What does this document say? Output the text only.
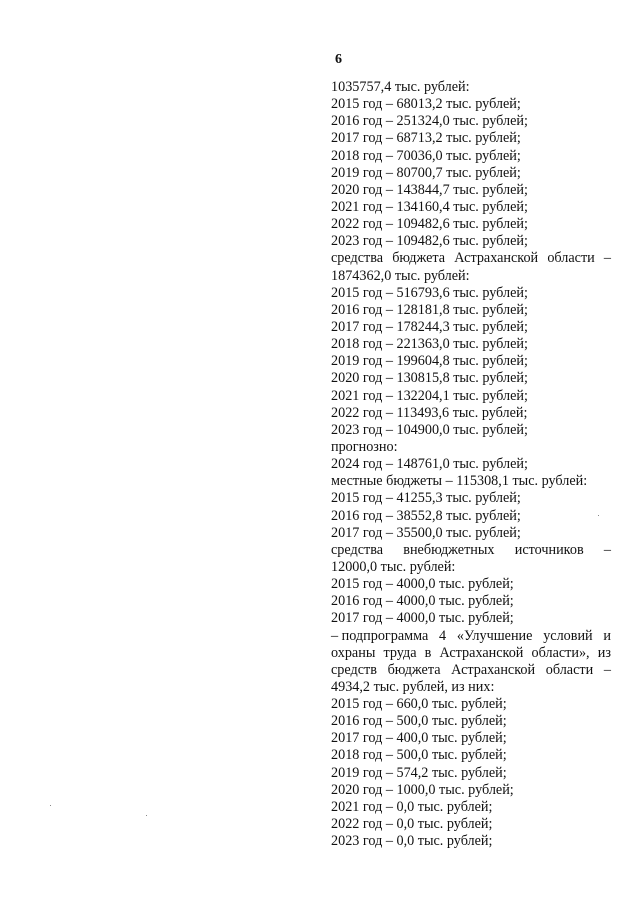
6
1035757,4 тыс. рублей:
2015 год – 68013,2 тыс. рублей;
2016 год – 251324,0 тыс. рублей;
2017 год – 68713,2 тыс. рублей;
2018 год – 70036,0 тыс. рублей;
2019 год – 80700,7 тыс. рублей;
2020 год – 143844,7 тыс. рублей;
2021 год – 134160,4 тыс. рублей;
2022 год – 109482,6 тыс. рублей;
2023 год – 109482,6 тыс. рублей;
средства бюджета Астраханской области –
1874362,0 тыс. рублей:
2015 год – 516793,6 тыс. рублей;
2016 год – 128181,8 тыс. рублей;
2017 год – 178244,3 тыс. рублей;
2018 год – 221363,0 тыс. рублей;
2019 год – 199604,8 тыс. рублей;
2020 год – 130815,8 тыс. рублей;
2021 год – 132204,1 тыс. рублей;
2022 год – 113493,6 тыс. рублей;
2023 год – 104900,0 тыс. рублей;
прогнозно:
2024 год – 148761,0 тыс. рублей;
местные бюджеты – 115308,1 тыс. рублей:
2015 год – 41255,3 тыс. рублей;
2016 год – 38552,8 тыс. рублей;
2017 год – 35500,0 тыс. рублей;
средства внебюджетных источников –
12000,0 тыс. рублей:
2015 год – 4000,0 тыс. рублей;
2016 год – 4000,0 тыс. рублей;
2017 год – 4000,0 тыс. рублей;
– подпрограмма 4 «Улучшение условий и
охраны труда в Астраханской области», из
средств бюджета Астраханской области –
4934,2 тыс. рублей, из них:
2015 год – 660,0 тыс. рублей;
2016 год – 500,0 тыс. рублей;
2017 год – 400,0 тыс. рублей;
2018 год – 500,0 тыс. рублей;
2019 год – 574,2 тыс. рублей;
2020 год – 1000,0 тыс. рублей;
2021 год – 0,0 тыс. рублей;
2022 год – 0,0 тыс. рублей;
2023 год – 0,0 тыс. рублей;
